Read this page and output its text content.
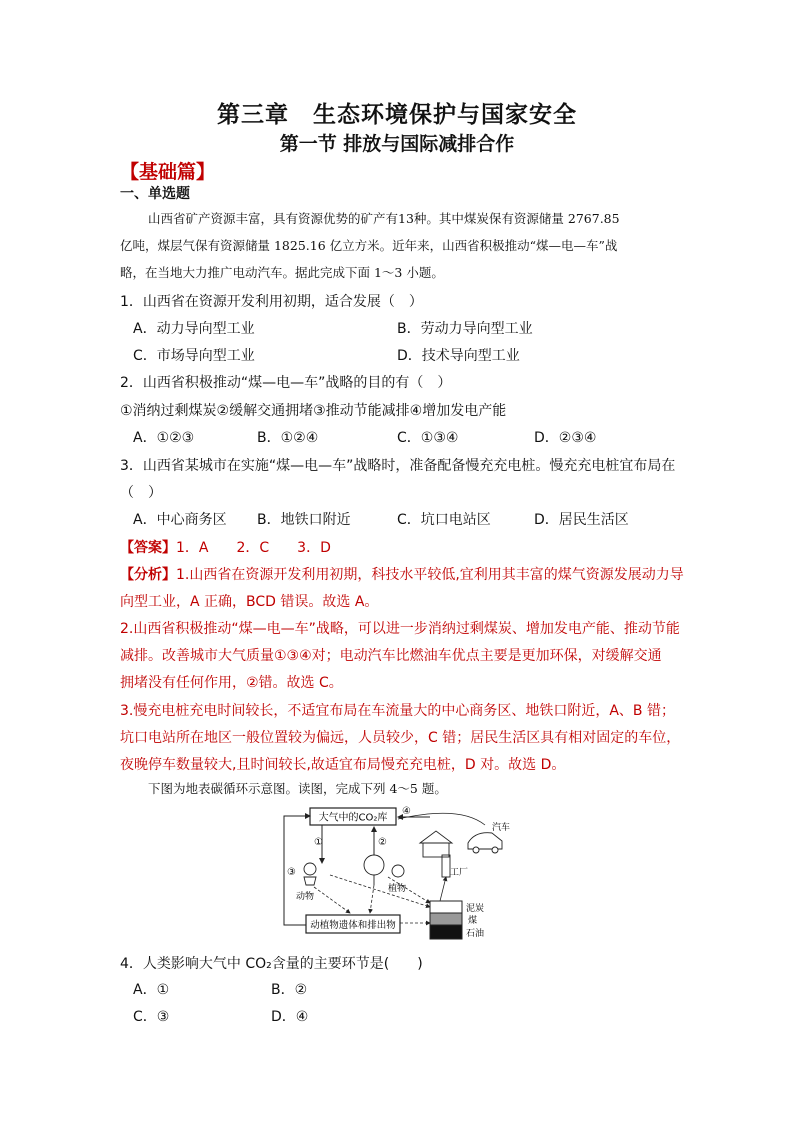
第三章　生态环境保护与国家安全
第一节 排放与国际减排合作
【基础篇】
一、单选题
山西省矿产资源丰富，具有资源优势的矿产有13种。其中煤炭保有资源储量 2767.85
亿吨，煤层气保有资源储量 1825.16 亿立方米。近年来，山西省积极推动“煤—电—车”战
略，在当地大力推广电动汽车。据此完成下面 1～3 小题。
1．山西省在资源开发利用初期，适合发展（　）
A．动力导向型工业	B．劳动力导向型工业
C．市场导向型工业	D．技术导向型工业
2．山西省积极推动“煤—电—车”战略的目的有（　）
①消纳过剩煤炭②缓解交通拥堵③推动节能减排④增加发电产能
A．①②③	B．①②④	C．①③④	D．②③④
3．山西省某城市在实施“煤—电—车”战略时，准备配备慢充充电桩。慢充充电桩宜布局在
（　）
A．中心商务区 B．地铁口附近	C．坑口电站区	D．居民生活区
【答案】1．A　　2．C　　3．D
【分析】1.山西省在资源开发利用初期，科技水平较低,宜利用其丰富的煤气资源发展动力导
向型工业，A 正确，BCD 错误。故选 A。
2.山西省积极推动“煤—电—车”战略，可以进一步消纳过剩煤炭、增加发电产能、推动节能
减排。改善城市大气质量①③④对；电动汽车比燃油车优点主要是更加环保，对缓解交通
拥堵没有任何作用，②错。故选 C。
3.慢充电桩充电时间较长，不适宜布局在车流量大的中心商务区、地铁口附近，A、B 错；
坑口电站所在地区一般位置较为偏远，人员较少，C 错；居民生活区具有相对固定的车位，
夜晚停车数量较大,且时间较长,故适宜布局慢充充电桩，D 对。故选 D。
下图为地表碳循环示意图。读图，完成下列 4～5 题。
大气中的CO₂库
③
④
①	②
动物
植物
工厂
汽车
动植物遗体和排出物
泥炭
煤
石油
4．人类影响大气中 CO₂含量的主要环节是(　　)
A．①	B．②
C．③	D．④
